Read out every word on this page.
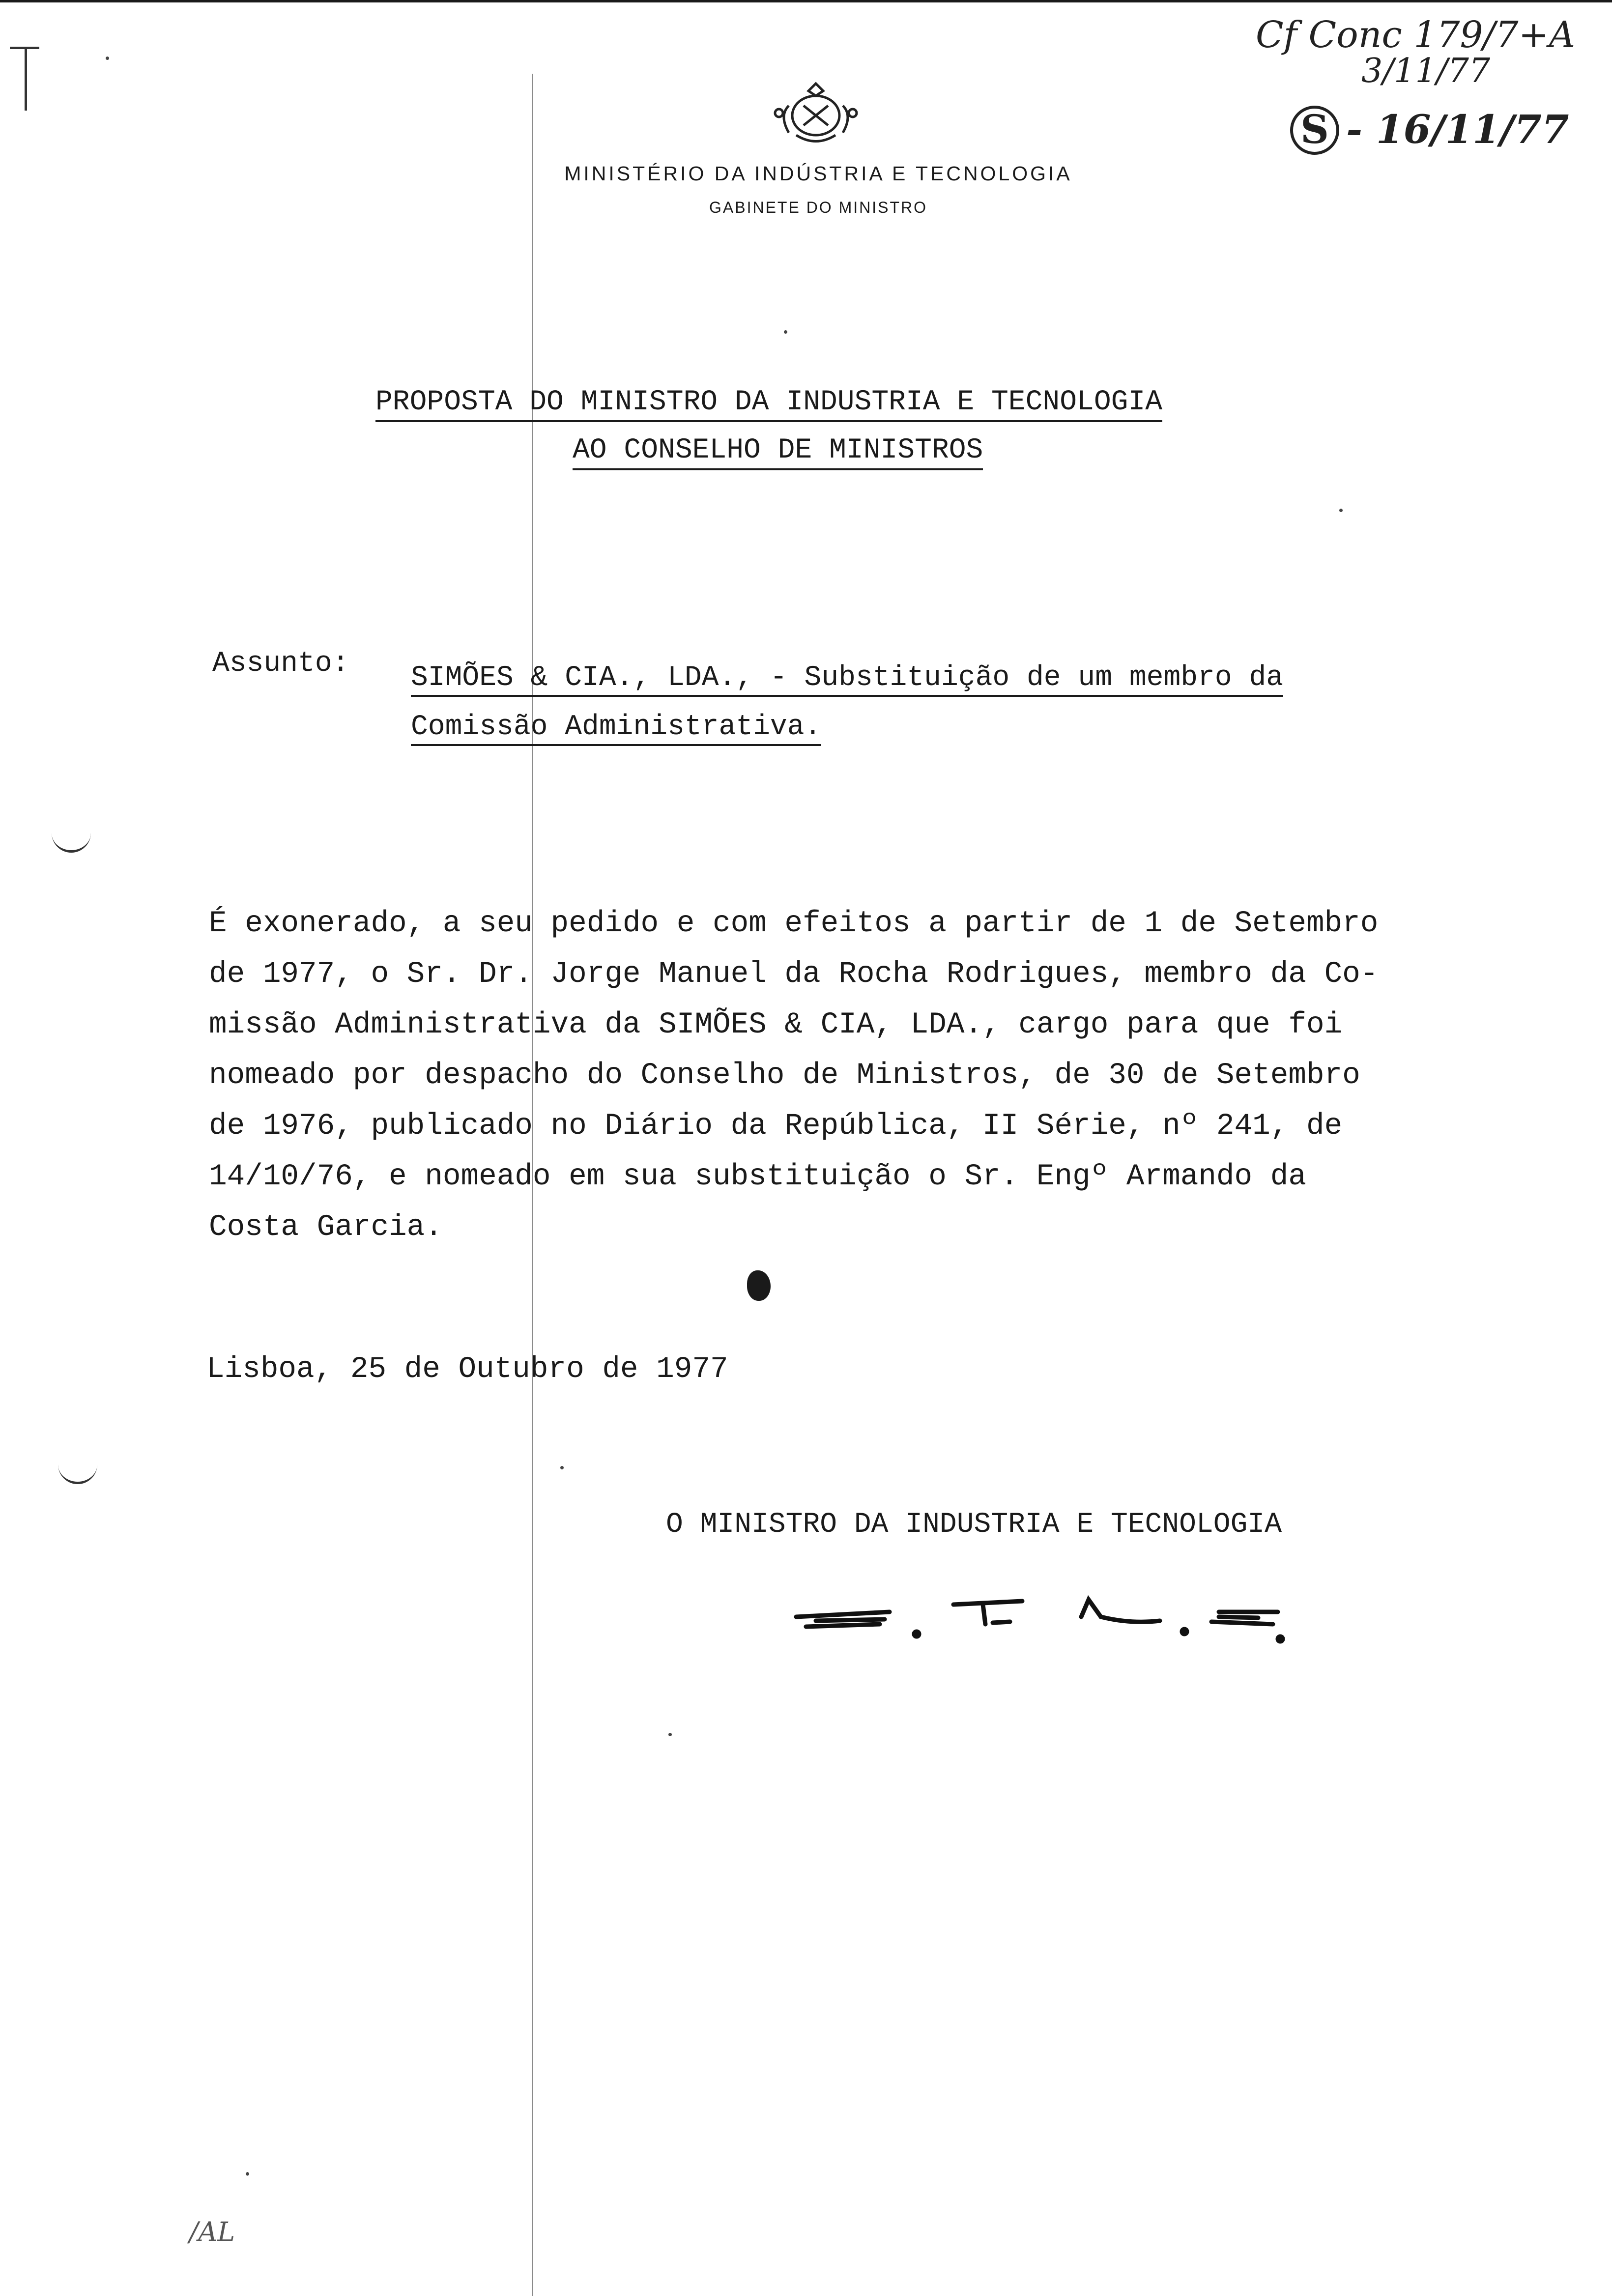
MINISTÉRIO DA INDÚSTRIA E TECNOLOGIA
GABINETE DO MINISTRO
Cf Conc 179/7+A
3/11/77
S - 16/11/77
PROPOSTA DO MINISTRO DA INDUSTRIA E TECNOLOGIA
AO CONSELHO DE MINISTROS
Assunto: SIMÕES & CIA., LDA., - Substituição de um membro da
Comissão Administrativa.
É exonerado, a seu pedido e com efeitos a partir de 1 de Setembro
de 1977, o Sr. Dr. Jorge Manuel da Rocha Rodrigues, membro da Co-
missão Administrativa da SIMÕES & CIA, LDA., cargo para que foi
nomeado por despacho do Conselho de Ministros, de 30 de Setembro
de 1976, publicado no Diário da República, II Série, nº 241, de
14/10/76, e nomeado em sua substituição o Sr. Engº Armando da
Costa Garcia.
Lisboa, 25 de Outubro de 1977
O MINISTRO DA INDUSTRIA E TECNOLOGIA
/AL
